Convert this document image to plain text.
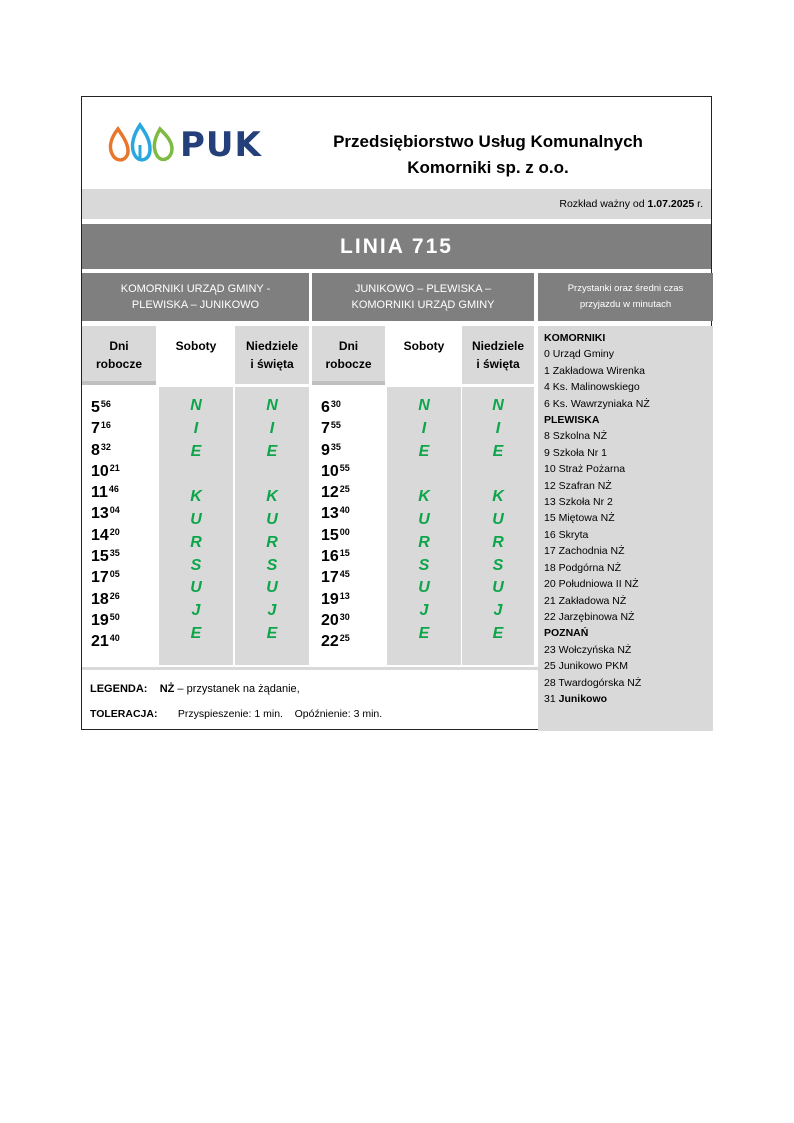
PUK	Przedsiębiorstwo Usług Komunalnych
Komorniki sp. z o.o.
Rozkład ważny od 1.07.2025 r.
LINIA 715
KOMORNIKI URZĄD GMINY -
PLEWISKA – JUNIKOWO
JUNIKOWO – PLEWISKA –
KOMORNIKI URZĄD GMINY
Przystanki oraz średni czas
przyjazdu w minutach
Dni
robocze
Soboty Niedziele
i święta
Dni
robocze
Soboty Niedziele
i święta
$5^{56}$
$7^{16}$
$8^{32}$
$10^{21}$
$11^{46}$
$13^{04}$
$14^{20}$
$15^{35}$
$17^{05}$
$18^{26}$
$19^{50}$
$21^{40}$
N
I
E
K
U
R
S
U
J
E
N
I
E
K
U
R
S
U
J
E
$6^{30}$
$7^{55}$
$9^{35}$
$10^{55}$
$12^{25}$
$13^{40}$
$15^{00}$
$16^{15}$
$17^{45}$
$19^{13}$
$20^{30}$
$22^{25}$
N
I
E
K
U
R
S
U
J
E
N
I
E
K
U
R
S
U
J
E
KOMORNIKI
0 Urząd Gminy
1 Zakładowa Wirenka
4 Ks. Malinowskiego
6 Ks. Wawrzyniaka NŻ
PLEWISKA
8 Szkolna NŻ
9 Szkoła Nr 1
10 Straż Pożarna
12 Szafran NŻ
13 Szkoła Nr 2
15 Miętowa NŻ
16 Skryta
17 Zachodnia NŻ
18 Podgórna NŻ
20 Południowa II NŻ
21 Zakładowa NŻ
22 Jarzębinowa NŻ
POZNAŃ
23 Wołczyńska NŻ
25 Junikowo PKM
28 Twardogórska NŻ
31 Junikowo
LEGENDA: NŻ – przystanek na żądanie,
TOLERACJA: Przyspieszenie: 1 min. Opóźnienie: 3 min.
